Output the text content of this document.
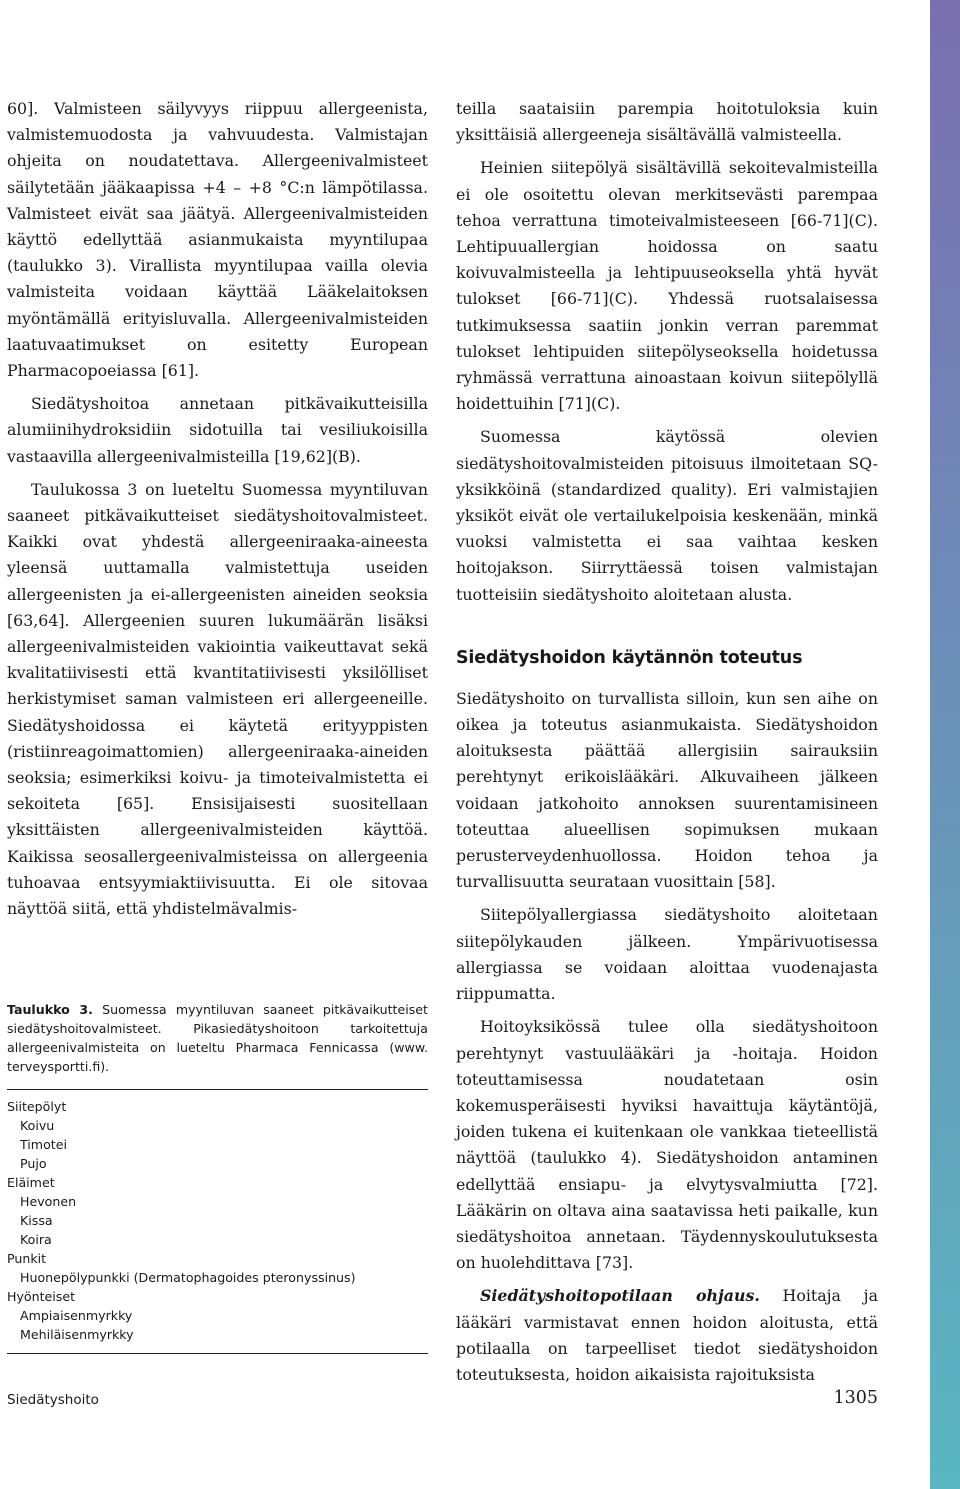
60]. Valmisteen säilyvyys riippuu allergeenista, valmistemuodosta ja vahvuudesta. Valmistajan ohjeita on noudatettava. Allergeenivalmisteet säilytetään jääkaapissa +4 – +8 °C:n lämpötilassa. Valmisteet eivät saa jäätyä. Allergeenivalmisteiden käyttö edellyttää asianmukaista myyntilupaa (taulukko 3). Virallista myyntilupaa vailla olevia valmisteita voidaan käyttää Lääkelaitoksen myöntämällä erityisluvalla. Allergeenivalmisteiden laatuvaatimukset on esitetty European Pharmacopoeiassa [61].

Siedätyshoitoa annetaan pitkävaikutteisilla alumiinihydroksidiin sidotuilla tai vesiliukoisilla vastaavilla allergeenivalmisteilla [19,62](B).

Taulukossa 3 on lueteltu Suomessa myyntiluvan saaneet pitkävaikutteiset siedätyshoitovalmisteet. Kaikki ovat yhdestä allergeeniraaka-aineesta yleensä uuttamalla valmistettuja useiden allergeenisten ja ei-allergeenisten aineiden seoksia [63,64]. Allergeenien suuren lukumäärän lisäksi allergeenivalmisteiden vakiointia vaikeuttavat sekä kvalitatiivisesti että kvantitatiivisesti yksilölliset herkistymiset saman valmisteen eri allergeeneille. Siedätyshoidossa ei käytetä erityyppisten (ristiinreagoimattomien) allergeeniraaka-aineiden seoksia; esimerkiksi koivu- ja timoteivalmistetta ei sekoiteta [65]. Ensisijaisesti suositellaan yksittäisten allergeenivalmisteiden käyttöä. Kaikissa seosallergeenivalmisteissa on allergeenia tuhoavaa entsyymiaktiivisuutta. Ei ole sitovaa näyttöä siitä, että yhdistelmävalmis-

teilla saataisiin parempia hoitotuloksia kuin yksittäisiä allergeeneja sisältävällä valmisteella.

Heinien siitepölyä sisältävillä sekoitevalmisteilla ei ole osoitettu olevan merkitsevästi parempaa tehoa verrattuna timoteivalmisteeseen [66-71](C). Lehtipuuallergian hoidossa on saatu koivuvalmisteella ja lehtipuuseoksella yhtä hyvät tulokset [66-71](C). Yhdessä ruotsalaisessa tutkimuksessa saatiin jonkin verran paremmat tulokset lehtipuiden siitepölyseoksella hoidetussa ryhmässä verrattuna ainoastaan koivun siitepölyllä hoidettuihin [71](C).

Suomessa käytössä olevien siedätyshoitovalmisteiden pitoisuus ilmoitetaan SQ-yksikköinä (standardized quality). Eri valmistajien yksiköt eivät ole vertailukelpoisia keskenään, minkä vuoksi valmistetta ei saa vaihtaa kesken hoitojakson. Siirryttäessä toisen valmistajan tuotteisiin siedätyshoito aloitetaan alusta.

Siedätyshoidon käytännön toteutus

Siedätyshoito on turvallista silloin, kun sen aihe on oikea ja toteutus asianmukaista. Siedätyshoidon aloituksesta päättää allergisiin sairauksiin perehtynyt erikoislääkäri. Alkuvaiheen jälkeen voidaan jatkohoito annoksen suurentamisineen toteuttaa alueellisen sopimuksen mukaan perusterveydenhuollossa. Hoidon tehoa ja turvallisuutta seurataan vuosittain [58].

Siitepölyallergiassa siedätyshoito aloitetaan siitepölykauden jälkeen. Ympärivuotisessa allergiassa se voidaan aloittaa vuodenajasta riippumatta.

Hoitoyksikössä tulee olla siedätyshoitoon perehtynyt vastuulääkäri ja -hoitaja. Hoidon toteuttamisessa noudatetaan osin kokemusperäisesti hyviksi havaittuja käytäntöjä, joiden tukena ei kuitenkaan ole vankkaa tieteellistä näyttöä (taulukko 4). Siedätyshoidon antaminen edellyttää ensiapu- ja elvytysvalmiutta [72]. Lääkärin on oltava aina saatavissa heti paikalle, kun siedätyshoitoa annetaan. Täydennyskoulutuksesta on huolehdittava [73].

Siedätyshoitopotilaan ohjaus. Hoitaja ja lääkäri varmistavat ennen hoidon aloitusta, että potilaalla on tarpeelliset tiedot siedätyshoidon toteutuksesta, hoidon aikaisista rajoituksista

Taulukko 3. Suomessa myyntiluvan saaneet pitkävaikutteiset siedätyshoitovalmisteet. Pikasiedätyshoitoon tarkoitettuja allergeenivalmisteita on lueteltu Pharmaca Fennicassa (www. terveysportti.fi).

Siitepölyt
Koivu
Timotei
Pujo
Eläimet
Hevonen
Kissa
Koira
Punkit
Huonepölypunkki (Dermatophagoides pteronyssinus)
Hyönteiset
Ampiaisenmyrkky
Mehiläisenmyrkky
Siedätyshoito	1305
